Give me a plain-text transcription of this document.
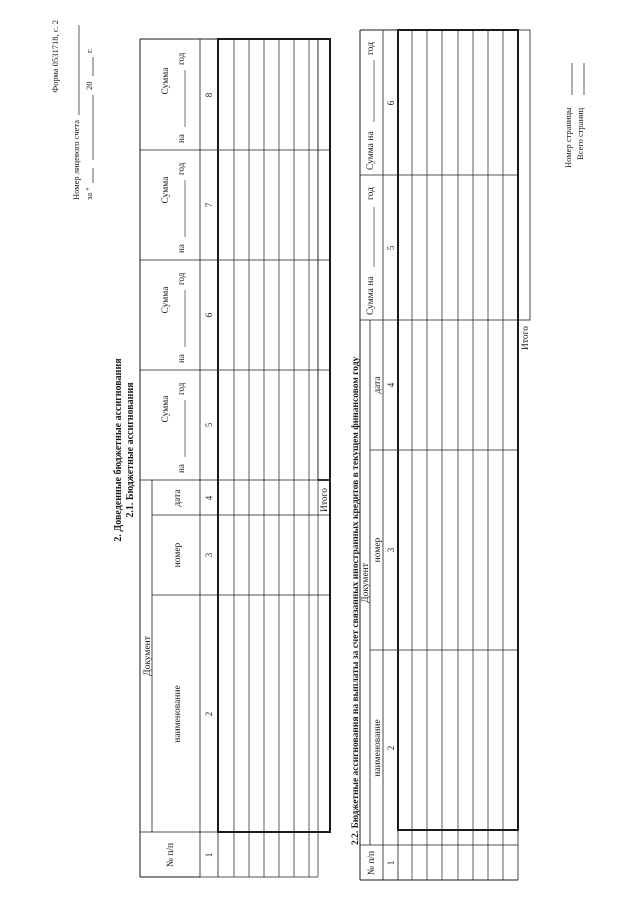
Форма 0531718, с. 2
Номер лицевого счета за "
20
г.
2. Доведенные бюджетные ассигнования 2.1. Бюджетные ассигнования
№ п/п
Документ
наименование
номер
дата
Сумма
на
год
Сумма
на
год
Сумма
на
год
Сумма
на
год
1
2
3
4
5
6
7
8
Итого 2.2. Бюджетные ассигнования на выплаты за счет связанных иностранных кредитов в текущем финансовом году
№ п/п
Документ
наименование
номер
дата
Сумма на
год
Сумма на
год
1
2
3
4
5
6
Итого
Номер страницы Всего страниц
